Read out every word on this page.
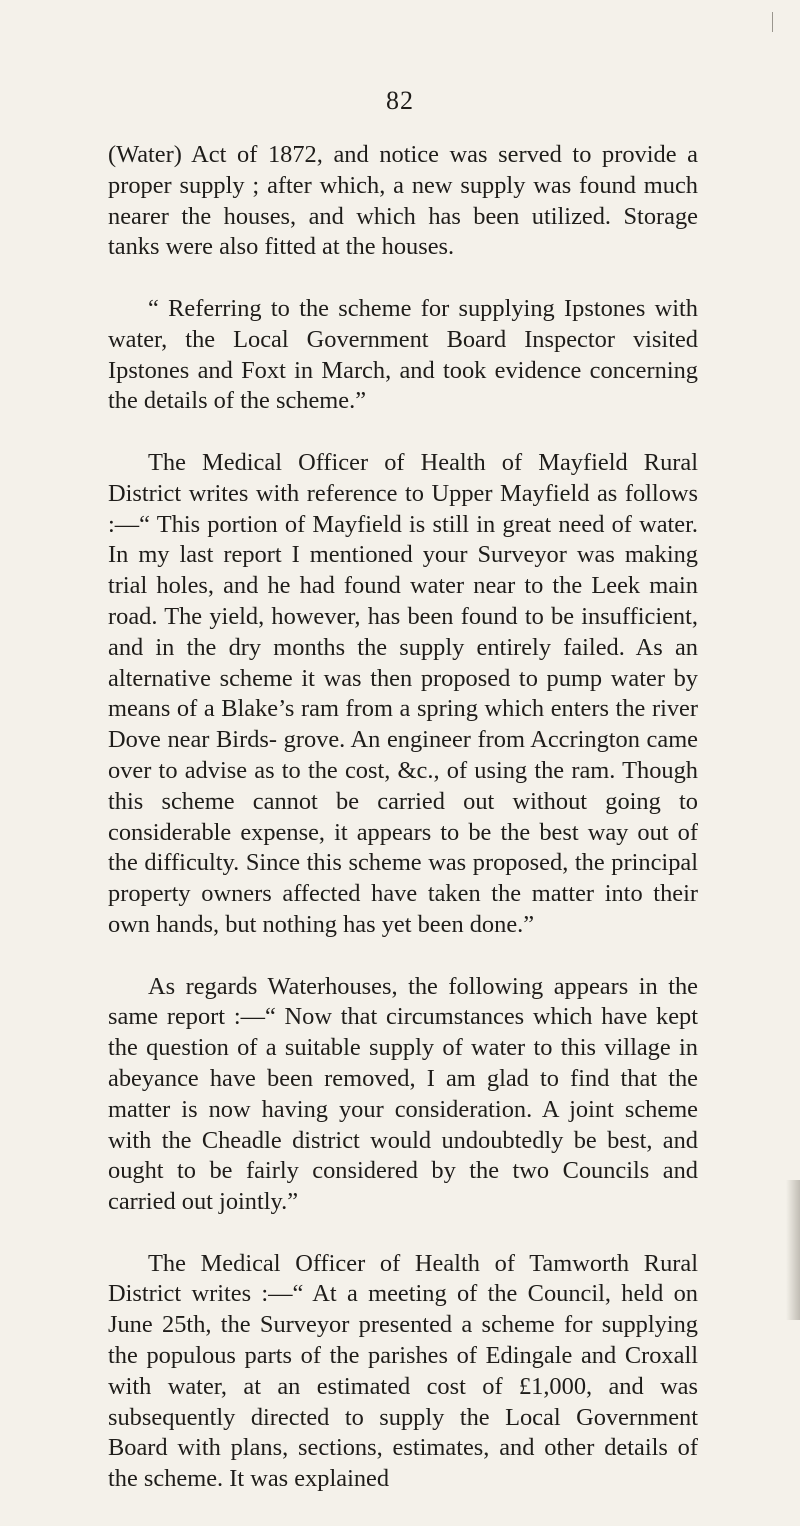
82

(Water) Act of 1872, and notice was served to provide a proper supply ; after which, a new supply was found much nearer the houses, and which has been utilized. Storage tanks were also fitted at the houses.

“ Referring to the scheme for supplying Ipstones with water, the Local Government Board Inspector visited Ipstones and Foxt in March, and took evidence concerning the details of the scheme.”

The Medical Officer of Health of Mayfield Rural District writes with reference to Upper Mayfield as follows :—“ This portion of Mayfield is still in great need of water. In my last report I mentioned your Surveyor was making trial holes, and he had found water near to the Leek main road. The yield, however, has been found to be insufficient, and in the dry months the supply entirely failed. As an alternative scheme it was then proposed to pump water by means of a Blake’s ram from a spring which enters the river Dove near Birds- grove. An engineer from Accrington came over to advise as to the cost, &c., of using the ram. Though this scheme cannot be carried out without going to considerable expense, it appears to be the best way out of the difficulty. Since this scheme was proposed, the principal property owners affected have taken the matter into their own hands, but nothing has yet been done.”

As regards Waterhouses, the following appears in the same report :—“ Now that circumstances which have kept the question of a suitable supply of water to this village in abeyance have been removed, I am glad to find that the matter is now having your consideration. A joint scheme with the Cheadle district would undoubtedly be best, and ought to be fairly considered by the two Councils and carried out jointly.”

The Medical Officer of Health of Tamworth Rural District writes :—“ At a meeting of the Council, held on June 25th, the Surveyor presented a scheme for supplying the populous parts of the parishes of Edingale and Croxall with water, at an estimated cost of £1,000, and was subsequently directed to supply the Local Government Board with plans, sections, estimates, and other details of the scheme. It was explained
